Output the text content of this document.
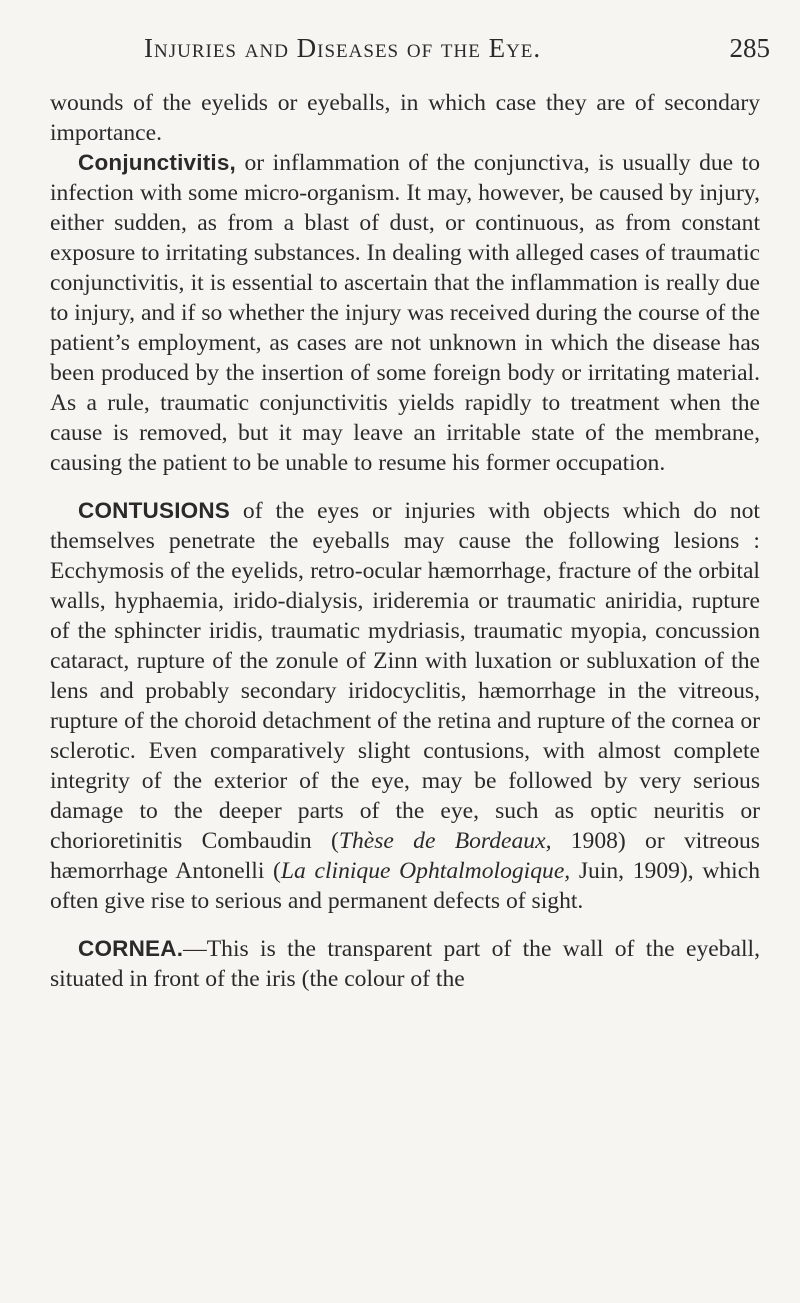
Injuries and Diseases of the Eye.	285

wounds of the eyelids or eyeballs, in which case they are of secondary importance.

Conjunctivitis, or inflammation of the conjunctiva, is usually due to infection with some micro-organism. It may, however, be caused by injury, either sudden, as from a blast of dust, or continuous, as from constant exposure to irritating substances. In dealing with alleged cases of traumatic conjunctivitis, it is essential to ascertain that the inflammation is really due to injury, and if so whether the injury was received during the course of the patient’s employment, as cases are not unknown in which the disease has been produced by the insertion of some foreign body or irritating material. As a rule, traumatic conjunctivitis yields rapidly to treatment when the cause is removed, but it may leave an irritable state of the membrane, causing the patient to be unable to resume his former occupation.

CONTUSIONS of the eyes or injuries with objects which do not themselves penetrate the eyeballs may cause the following lesions : Ecchymosis of the eyelids, retro-ocular hæmorrhage, fracture of the orbital walls, hyphaemia, irido-dialysis, irideremia or traumatic aniridia, rupture of the sphincter iridis, traumatic mydriasis, traumatic myopia, concussion cataract, rupture of the zonule of Zinn with luxation or subluxation of the lens and probably secondary iridocyclitis, hæmorrhage in the vitreous, rupture of the choroid detachment of the retina and rupture of the cornea or sclerotic. Even comparatively slight contusions, with almost complete integrity of the exterior of the eye, may be followed by very serious damage to the deeper parts of the eye, such as optic neuritis or chorioretinitis Combaudin (Thèse de Bordeaux, 1908) or vitreous hæmorrhage Antonelli (La clinique Ophtalmologique, Juin, 1909), which often give rise to serious and permanent defects of sight.

CORNEA.—This is the transparent part of the wall of the eyeball, situated in front of the iris (the colour of the
